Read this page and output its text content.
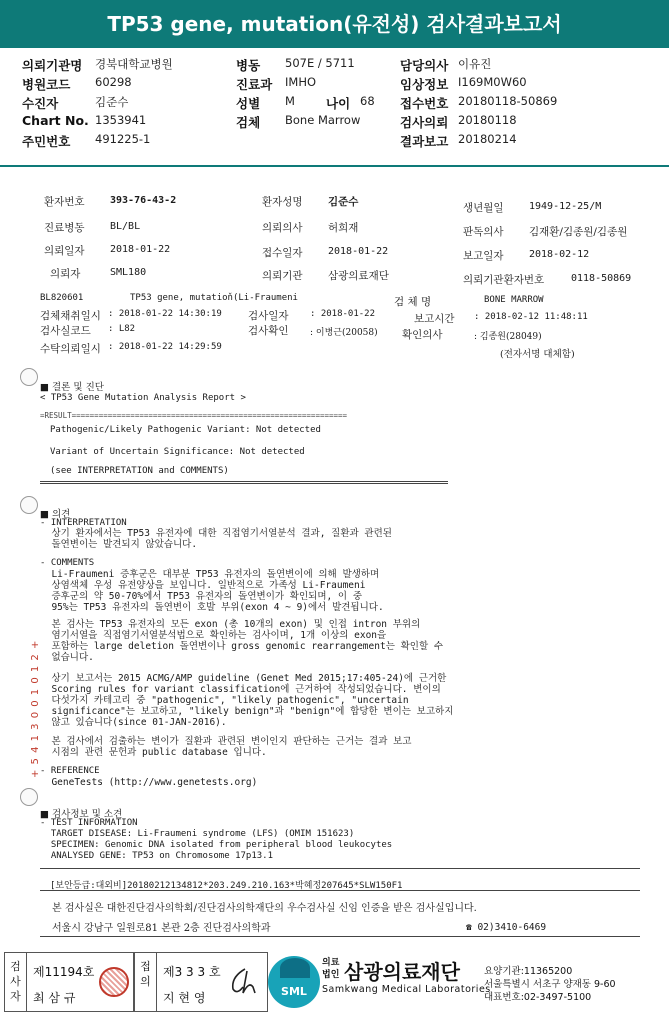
TP53 gene, mutation(유전성) 검사결과보고서
의뢰기관명 경북대학교병원	병동 507E / 5711	담당의사 이유진
병원코드 60298	진료과 IMHO	임상정보 I169M0W60
수진자	김준수	성별 M 나이 68 접수번호 20180118-50869
Chart No. 1353941	검체 Bone Marrow	검사의뢰 20180118
주민번호 491225-1	결과보고 20180214
환자번호	393-76-43-2	환자성명 김준수	생년월일	1949-12-25/M
진료병동	BL/BL	의뢰의사 허희재	판독의사 김재환/김종원/김종원
의뢰일자	2018-01-22	접수일자	2018-01-22	보고일자	2018-02-12
의뢰자	SML180	의뢰기관 삼광의료재단	의뢰기관환자번호	0118-50869
BL820601	TP53 gene, mutatioň(Li-Fraumeni	검 체 명	BONE MARROW
검체채취일시 : 2018-01-22 14:30:19 검사일자 : 2018-01-22	보고시간 : 2018-02-12 11:48:11
검사실코드 : L82	검사확인 : 이병근(20058) 확인의사	: 김종원(28049)
수탁의뢰일시 : 2018-01-22 14:29:59
(전자서명 대체함)
■ 결론 및 진단
< TP53 Gene Mutation Analysis Report >
=RESULT=============================================================
Pathogenic/Likely Pathogenic Variant: Not detected
Variant of Uncertain Significance: Not detected
(see INTERPRETATION and COMMENTS)
■ 의견
- INTERPRETATION
상기 환자에서는 TP53 유전자에 대한 직접염기서열분석 결과, 질환과 관련된
돌연변이는 발견되지 않았습니다.
- COMMENTS
Li-Fraumeni 증후군은 대부분 TP53 유전자의 돌연변이에 의해 발생하며
상염색체 우성 유전양상을 보입니다. 일반적으로 가족성 Li-Fraumeni
증후군의 약 50-70%에서 TP53 유전자의 돌연변이가 확인되며, 이 중
95%는 TP53 유전자의 돌연변이 호발 부위(exon 4 ~ 9)에서 발견됩니다.
본 검사는 TP53 유전자의 모든 exon (총 10개의 exon) 및 인접 intron 부위의
염기서열을 직접염기서열분석법으로 확인하는 검사이며, 1개 이상의 exon을
포함하는 large deletion 돌연변이나 gross genomic rearrangement는 확인할 수
없습니다.
상기 보고서는 2015 ACMG/AMP guideline (Genet Med 2015;17:405-24)에 근거한
Scoring rules for variant classification에 근거하여 작성되었습니다. 변이의
다섯가지 카테고리 중 "pathogenic", "likely pathogenic", "uncertain
significance"는 보고하고, "likely benign"과 "benign"에 합당한 변이는 보고하지
않고 있습니다(since 01-JAN-2016).
본 검사에서 검출하는 변이가 질환과 관련된 변이인지 판단하는 근거는 결과 보고
시점의 관련 문헌과 public database 입니다.
- REFERENCE
GeneTests (http://www.genetests.org)
■ 검사정보 및 소견
- TEST INFORMATION
TARGET DISEASE: Li-Fraumeni syndrome (LFS) (OMIM 151623)
SPECIMEN: Genomic DNA isolated from peripheral blood leukocytes
ANALYSED GENE: TP53 on Chromosome 17p13.1
[보안등급:대외비]20180212134812*203.249.210.163*박혜정207645*SLW150F1
본 검사실은 대한진단검사의학회/진단검사의학재단의 우수검사실 신임 인증을 받은 검사실입니다.
서울시 강남구 일원로81 본관 2층 진단검사의학과	☎ 02)3410-6469
+ 5 4 1 3 0 0 1 0 1 2 +
검사자
제11194호
최 삼 규
접의
제3 3 3 호
지 현 영	SML
의료
법인 삼광의료재단
Samkwang Medical Laboratories
요양기관:11365200
서울특별시 서초구 양재동 9-60
대표번호:02-3497-5100
